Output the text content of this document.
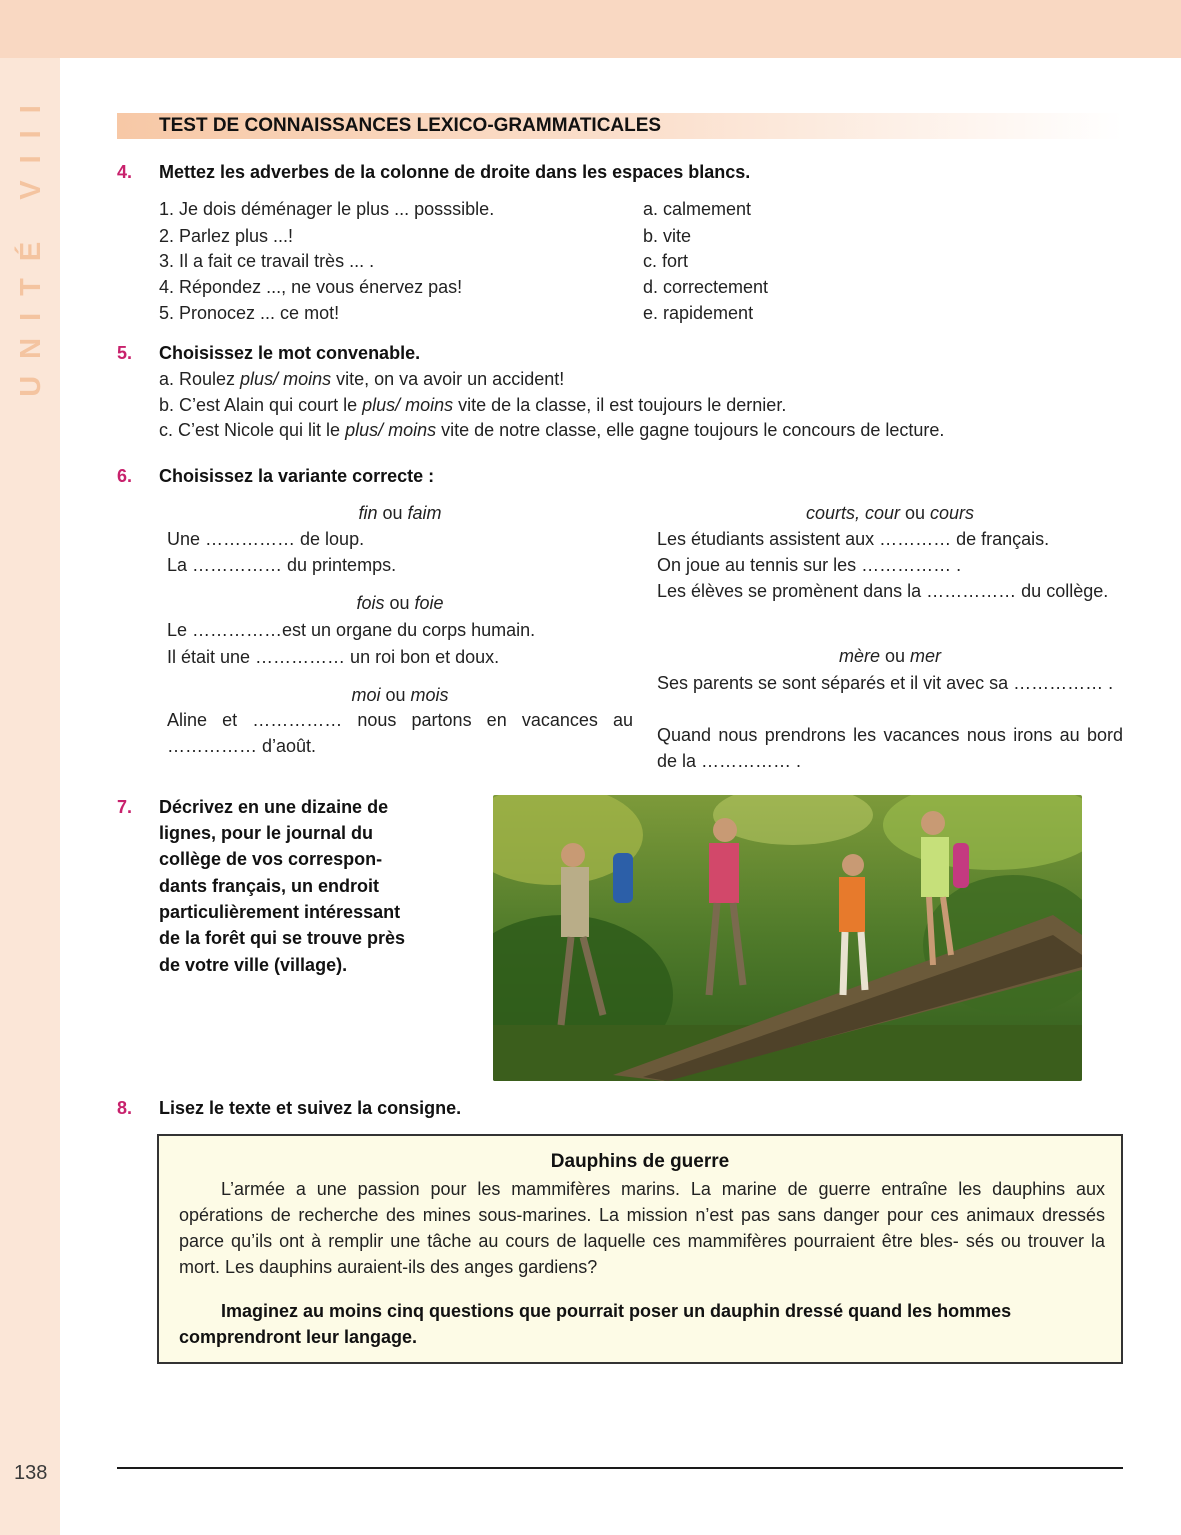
UNITÉ VIII
138
TEST DE CONNAISSANCES LEXICO-GRAMMATICALES
4. Mettez les adverbes de la colonne de droite dans les espaces blancs.
1. Je dois déménager le plus ... posssible.
2. Parlez plus ...!
3. Il a fait ce travail très ... .
4. Répondez ..., ne vous énervez pas!
5. Pronocez ... ce mot!
a. calmement
b. vite
c. fort
d. correctement
e. rapidement
5. Choisissez le mot convenable.
a. Roulez plus/ moins vite, on va avoir un accident!
b. C’est Alain qui court le plus/ moins vite de la classe, il est toujours le dernier.
c. C’est Nicole qui lit le plus/ moins vite de notre classe, elle gagne toujours le concours de lecture.
6. Choisissez la variante correcte :
fin ou faim
Une …………… de loup.
La …………… du printemps.
fois ou foie
Le ……………est un organe du corps humain.
Il était une …………… un roi bon et doux.
moi ou mois
Aline et …………… nous partons en vacances au …………… d’août.
courts, cour ou cours
Les étudiants assistent aux ………… de français.
On joue au tennis sur les …………… .
Les élèves se promènent dans la …………… du collège.
mère ou mer
Ses parents se sont séparés et il vit avec sa …………… .
Quand nous prendrons les vacances nous irons au bord de la …………… .
7. Décrivez en une dizaine de
lignes, pour le journal du
collège de vos correspon-
dants français, un endroit
particulièrement intéressant
de la forêt qui se trouve près
de votre ville (village).
8. Lisez le texte et suivez la consigne.
Dauphins de guerre
L’armée a une passion pour les mammifères marins. La marine de guerre entraîne les dauphins aux opérations de recherche des mines sous-marines. La mission n’est pas sans danger pour ces animaux dressés parce qu’ils ont à remplir une tâche au cours de laquelle ces mammifères pourraient être bles- sés ou trouver la mort. Les dauphins auraient-ils des anges gardiens?
Imaginez au moins cinq questions que pourrait poser un dauphin dressé quand les hommes comprendront leur langage.
